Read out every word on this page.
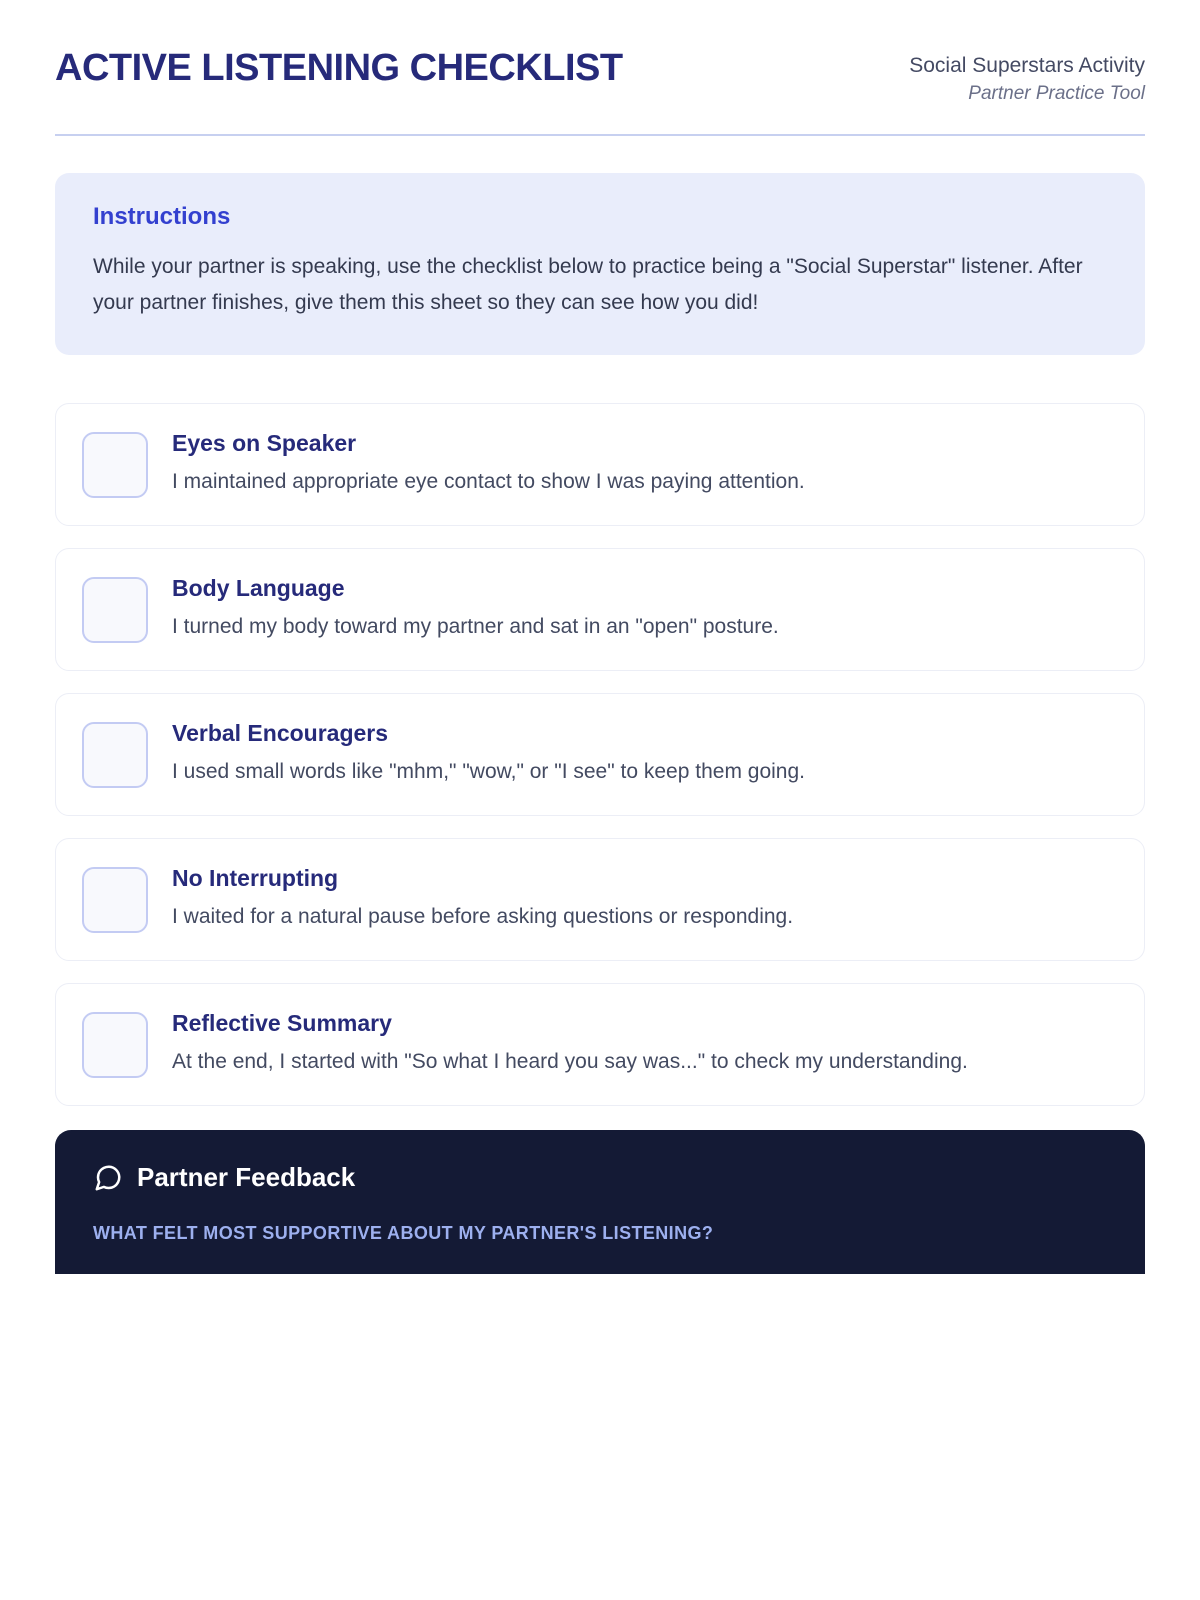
ACTIVE LISTENING CHECKLIST	Social Superstars Activity
Partner Practice Tool
Instructions
While your partner is speaking, use the checklist below to practice being a "Social Superstar" listener. After your partner finishes, give them this sheet so they can see how you did!
Eyes on Speaker
I maintained appropriate eye contact to show I was paying attention.
Body Language
I turned my body toward my partner and sat in an "open" posture.
Verbal Encouragers
I used small words like "mhm," "wow," or "I see" to keep them going.
No Interrupting
I waited for a natural pause before asking questions or responding.
Reflective Summary
At the end, I started with "So what I heard you say was..." to check my understanding.
Partner Feedback
WHAT FELT MOST SUPPORTIVE ABOUT MY PARTNER'S LISTENING?
